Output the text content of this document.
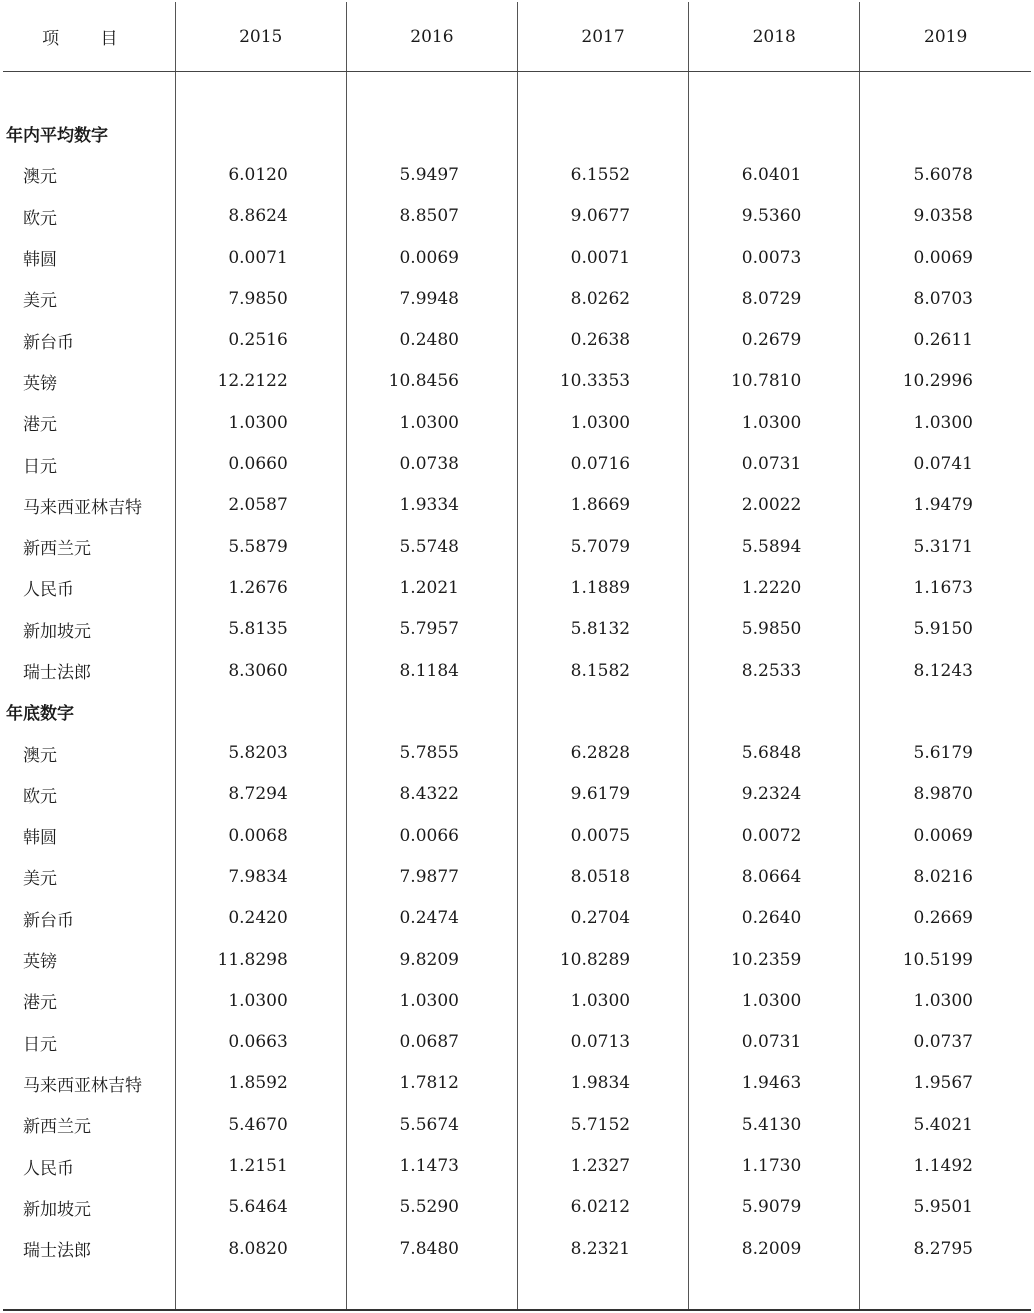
项 目	2015	2016	2017	2018	2019

年内平均数字					
澳元	6.0120	5.9497	6.1552	6.0401	5.6078
欧元	8.8624	8.8507	9.0677	9.5360	9.0358
韩圆	0.0071	0.0069	0.0071	0.0073	0.0069
美元	7.9850	7.9948	8.0262	8.0729	8.0703
新台币	0.2516	0.2480	0.2638	0.2679	0.2611
英镑	12.2122	10.8456	10.3353	10.7810	10.2996
港元	1.0300	1.0300	1.0300	1.0300	1.0300
日元	0.0660	0.0738	0.0716	0.0731	0.0741
马来西亚林吉特	2.0587	1.9334	1.8669	2.0022	1.9479
新西兰元	5.5879	5.5748	5.7079	5.5894	5.3171
人民币	1.2676	1.2021	1.1889	1.2220	1.1673
新加坡元	5.8135	5.7957	5.8132	5.9850	5.9150
瑞士法郎	8.3060	8.1184	8.1582	8.2533	8.1243
年底数字					
澳元	5.8203	5.7855	6.2828	5.6848	5.6179
欧元	8.7294	8.4322	9.6179	9.2324	8.9870
韩圆	0.0068	0.0066	0.0075	0.0072	0.0069
美元	7.9834	7.9877	8.0518	8.0664	8.0216
新台币	0.2420	0.2474	0.2704	0.2640	0.2669
英镑	11.8298	9.8209	10.8289	10.2359	10.5199
港元	1.0300	1.0300	1.0300	1.0300	1.0300
日元	0.0663	0.0687	0.0713	0.0731	0.0737
马来西亚林吉特	1.8592	1.7812	1.9834	1.9463	1.9567
新西兰元	5.4670	5.5674	5.7152	5.4130	5.4021
人民币	1.2151	1.1473	1.2327	1.1730	1.1492
新加坡元	5.6464	5.5290	6.0212	5.9079	5.9501
瑞士法郎	8.0820	7.8480	8.2321	8.2009	8.2795
